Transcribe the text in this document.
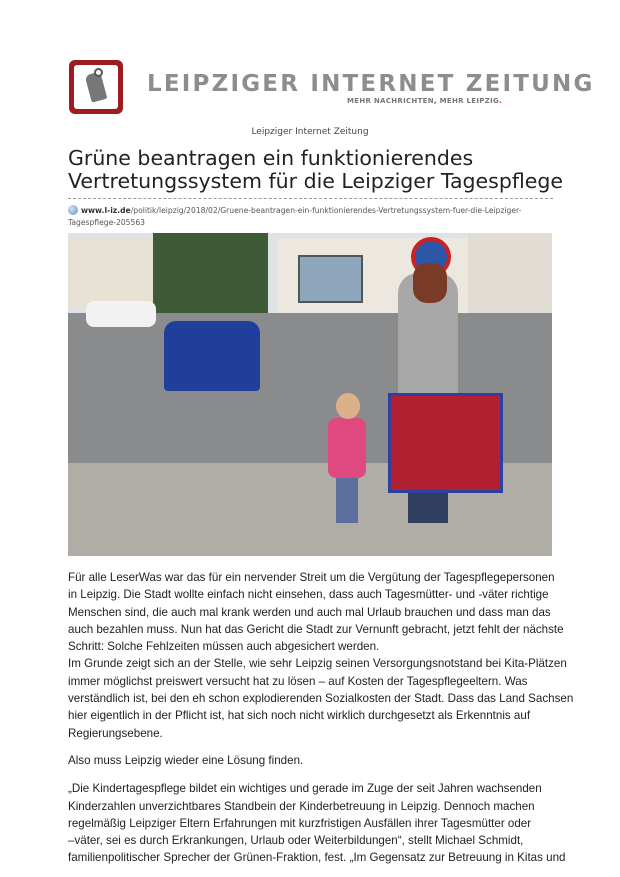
LEIPZIGER INTERNET ZEITUNG
MEHR NACHRICHTEN, MEHR LEIPZIG.
Leipziger Internet Zeitung
Grüne beantragen ein funktionierendes
Vertretungssystem für die Leipziger Tagespflege
www.l-iz.de/politik/leipzig/2018/02/Gruene-beantragen-ein-funktionierendes-Vertretungssystem-fuer-die-Leipziger-
Tagespflege-205563

Für alle LeserWas war das für ein nervender Streit um die Vergütung der Tagespflegepersonen
in Leipzig. Die Stadt wollte einfach nicht einsehen, dass auch Tagesmütter- und -väter richtige
Menschen sind, die auch mal krank werden und auch mal Urlaub brauchen und dass man das
auch bezahlen muss. Nun hat das Gericht die Stadt zur Vernunft gebracht, jetzt fehlt der nächste
Schritt: Solche Fehlzeiten müssen auch abgesichert werden.
Im Grunde zeigt sich an der Stelle, wie sehr Leipzig seinen Versorgungsnotstand bei Kita-Plätzen
immer möglichst preiswert versucht hat zu lösen – auf Kosten der Tagespflegeeltern. Was
verständlich ist, bei den eh schon explodierenden Sozialkosten der Stadt. Dass das Land Sachsen
hier eigentlich in der Pflicht ist, hat sich noch nicht wirklich durchgesetzt als Erkenntnis auf
Regierungsebene.

Also muss Leipzig wieder eine Lösung finden.

„Die Kindertagespflege bildet ein wichtiges und gerade im Zuge der seit Jahren wachsenden
Kinderzahlen unverzichtbares Standbein der Kinderbetreuung in Leipzig. Dennoch machen
regelmäßig Leipziger Eltern Erfahrungen mit kurzfristigen Ausfällen ihrer Tagesmütter oder
–väter, sei es durch Erkrankungen, Urlaub oder Weiterbildungen“, stellt Michael Schmidt,
familienpolitischer Sprecher der Grünen-Fraktion, fest. „Im Gegensatz zur Betreuung in Kitas und
